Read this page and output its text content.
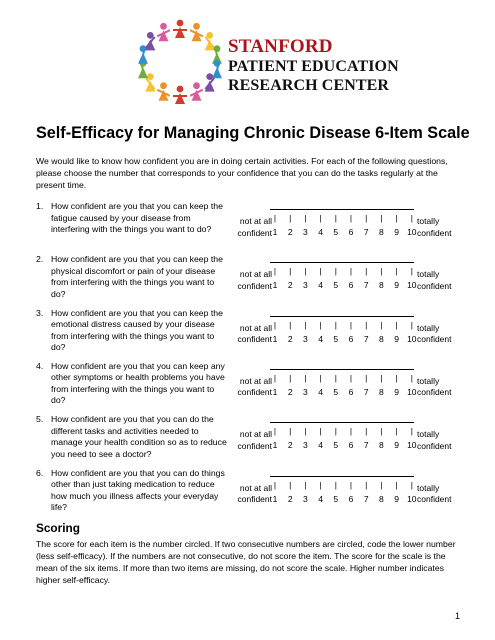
STANFORD
PATIENT EDUCATION
RESEARCH CENTER
Self-Efficacy for Managing Chronic Disease 6-Item Scale

We would like to know how confident you are in doing certain activities. For each of the following questions, please choose the number that corresponds to your confidence that you can do the tasks regularly at the present time.

1. How confident are you that you can keep the fatigue caused by your disease from interfering with the things you want to do?
not at all
confident
|
1
|
2
|
3
|
4
|
5
|
6
|
7
|
8
|
9
|
10
totally
confident
2. How confident are you that you can keep the physical discomfort or pain of your disease from interfering with the things you want to do?
not at all
confident
|
1
|
2
|
3
|
4
|
5
|
6
|
7
|
8
|
9
|
10
totally
confident
3. How confident are you that you can keep the emotional distress caused by your disease from interfering with the things you want to do?
not at all
confident
|
1
|
2
|
3
|
4
|
5
|
6
|
7
|
8
|
9
|
10
totally
confident
4. How confident are you that you can keep any other symptoms or health problems you have from interfering with the things you want to do?
not at all
confident
|
1
|
2
|
3
|
4
|
5
|
6
|
7
|
8
|
9
|
10
totally
confident
5. How confident are you that you can do the different tasks and activities needed to manage your health condition so as to reduce you need to see a doctor?
not at all
confident
|
1
|
2
|
3
|
4
|
5
|
6
|
7
|
8
|
9
|
10
totally
confident
6. How confident are you that you can do things other than just taking medication to reduce how much you illness affects your everyday life?
not at all
confident
|
1
|
2
|
3
|
4
|
5
|
6
|
7
|
8
|
9
|
10
totally
confident
Scoring

The score for each item is the number circled. If two consecutive numbers are circled, code the lower number (less self-efficacy). If the numbers are not consecutive, do not score the item. The score for the scale is the mean of the six items. If more than two items are missing, do not score the scale. Higher number indicates higher self-efficacy.

1
